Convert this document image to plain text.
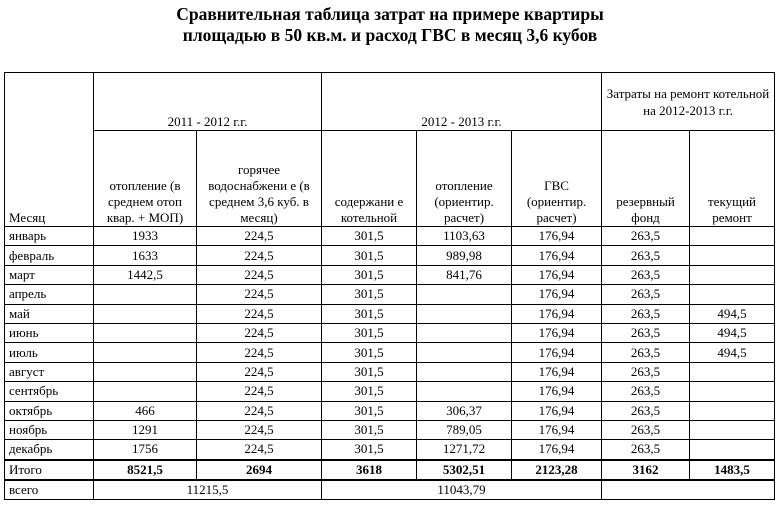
Сравнительная таблица затрат на примере квартиры
площадью в 50 кв.м. и расход ГВС в месяц 3,6 кубов
Месяц	2011 - 2012 г.г.		2012 - 2013 г.г.			Затраты на ремонт котельной на 2012-2013 г.г.	
	отопление (в среднем отоп квар. + МОП)	горячее водоснабжени е (в среднем 3,6 куб. в месяц)	содержани е котельной	отопление (ориентир. расчет)	ГВС (ориентир. расчет)	резервный фонд	текущий ремонт
январь	1933	224,5	301,5	1103,63	176,94	263,5	
февраль	1633	224,5	301,5	989,98	176,94	263,5	
март	1442,5	224,5	301,5	841,76	176,94	263,5	
апрель		224,5	301,5		176,94	263,5	
май		224,5	301,5		176,94	263,5	494,5
июнь		224,5	301,5		176,94	263,5	494,5
июль		224,5	301,5		176,94	263,5	494,5
август		224,5	301,5		176,94	263,5	
сентябрь		224,5	301,5		176,94	263,5	
октябрь	466	224,5	301,5	306,37	176,94	263,5	
ноябрь	1291	224,5	301,5	789,05	176,94	263,5	
декабрь	1756	224,5	301,5	1271,72	176,94	263,5	
Итого	8521,5	2694	3618	5302,51	2123,28	3162	1483,5
всего	11215,5		11043,79				
